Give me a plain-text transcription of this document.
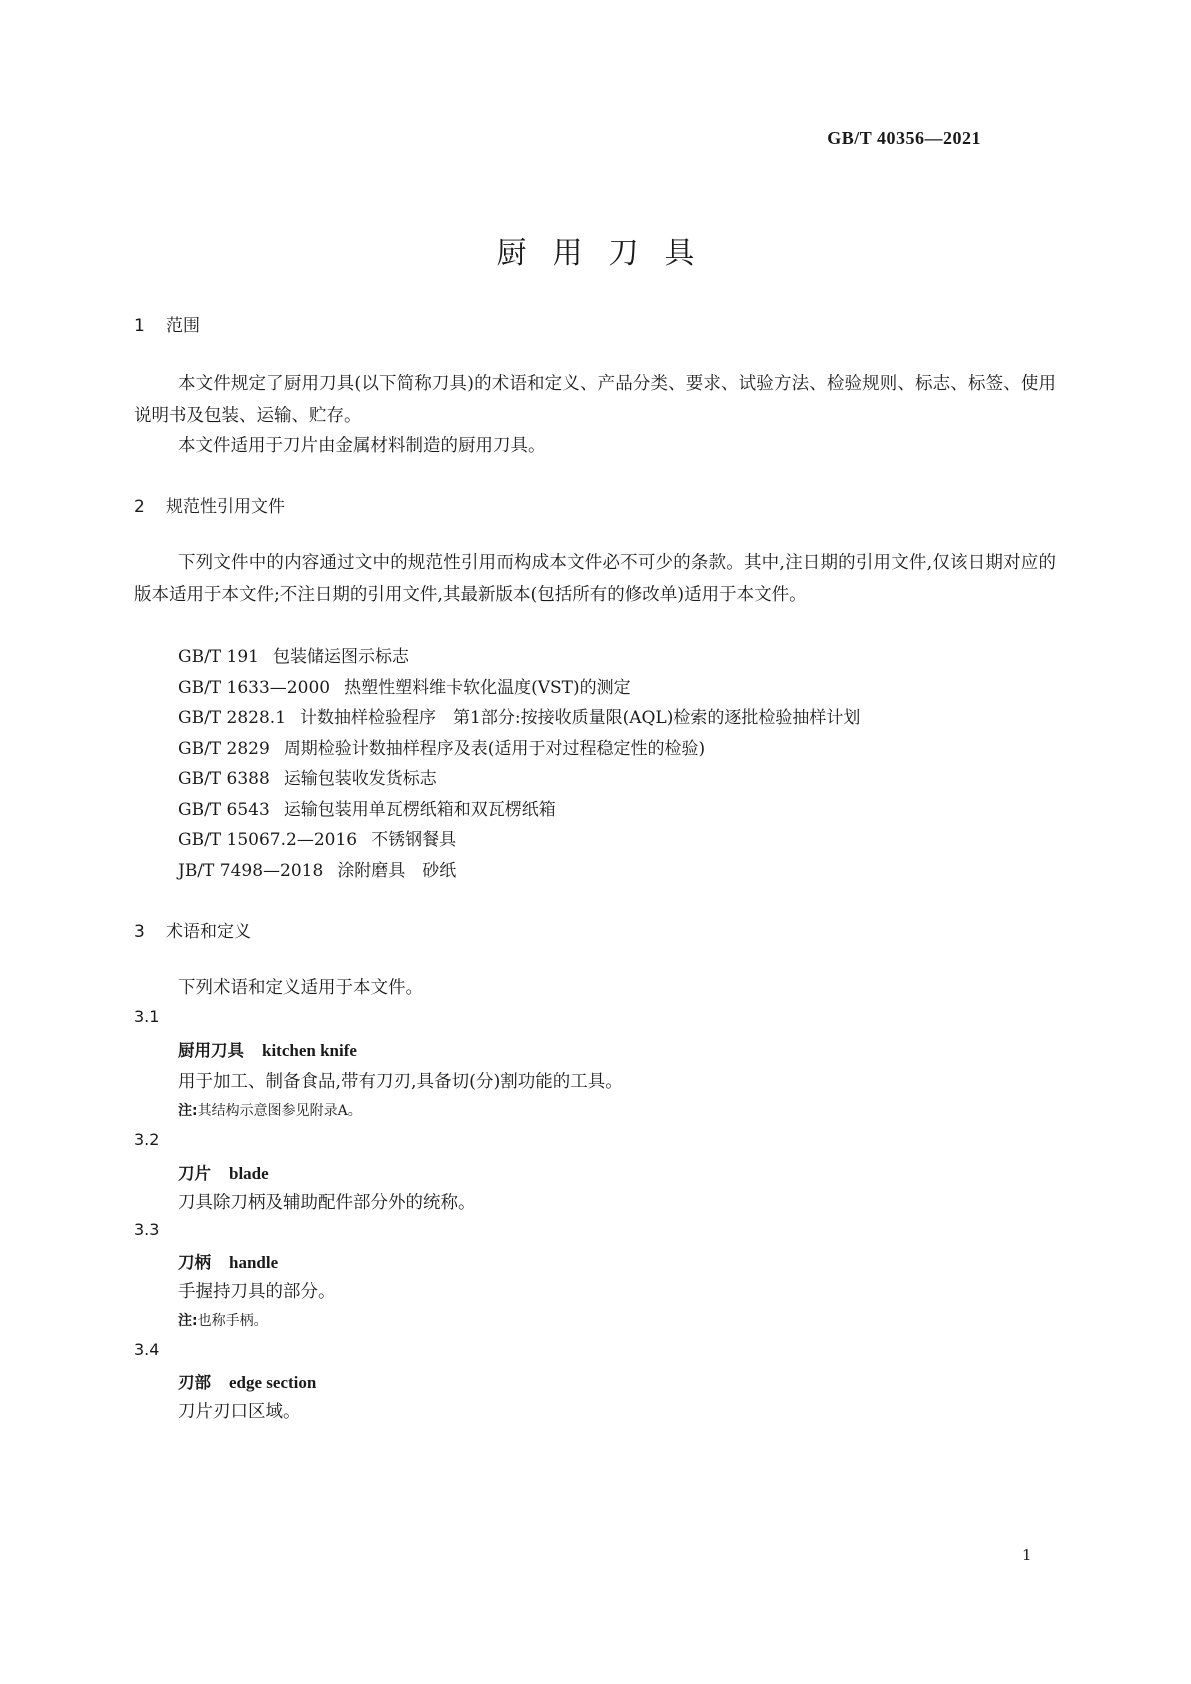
GB/T 40356—2021
厨用刀具
1 范围
本文件规定了厨用刀具(以下简称刀具)的术语和定义、产品分类、要求、试验方法、检验规则、标志、标签、使用说明书及包装、运输、贮存。
本文件适用于刀片由金属材料制造的厨用刀具。
2 规范性引用文件
下列文件中的内容通过文中的规范性引用而构成本文件必不可少的条款。其中,注日期的引用文件,仅该日期对应的版本适用于本文件;不注日期的引用文件,其最新版本(包括所有的修改单)适用于本文件。
GB/T 191 包装储运图示标志
GB/T 1633—2000 热塑性塑料维卡软化温度(VST)的测定
GB/T 2828.1 计数抽样检验程序　第1部分:按接收质量限(AQL)检索的逐批检验抽样计划
GB/T 2829 周期检验计数抽样程序及表(适用于对过程稳定性的检验)
GB/T 6388 运输包装收发货标志
GB/T 6543 运输包装用单瓦楞纸箱和双瓦楞纸箱
GB/T 15067.2—2016 不锈钢餐具
JB/T 7498—2018 涂附磨具　砂纸
3 术语和定义
下列术语和定义适用于本文件。
3.1
厨用刀具 kitchen knife
用于加工、制备食品,带有刀刃,具备切(分)割功能的工具。
注:其结构示意图参见附录A。
3.2
刀片 blade
刀具除刀柄及辅助配件部分外的统称。
3.3
刀柄 handle
手握持刀具的部分。
注:也称手柄。
3.4
刃部 edge section
刀片刃口区域。
1
